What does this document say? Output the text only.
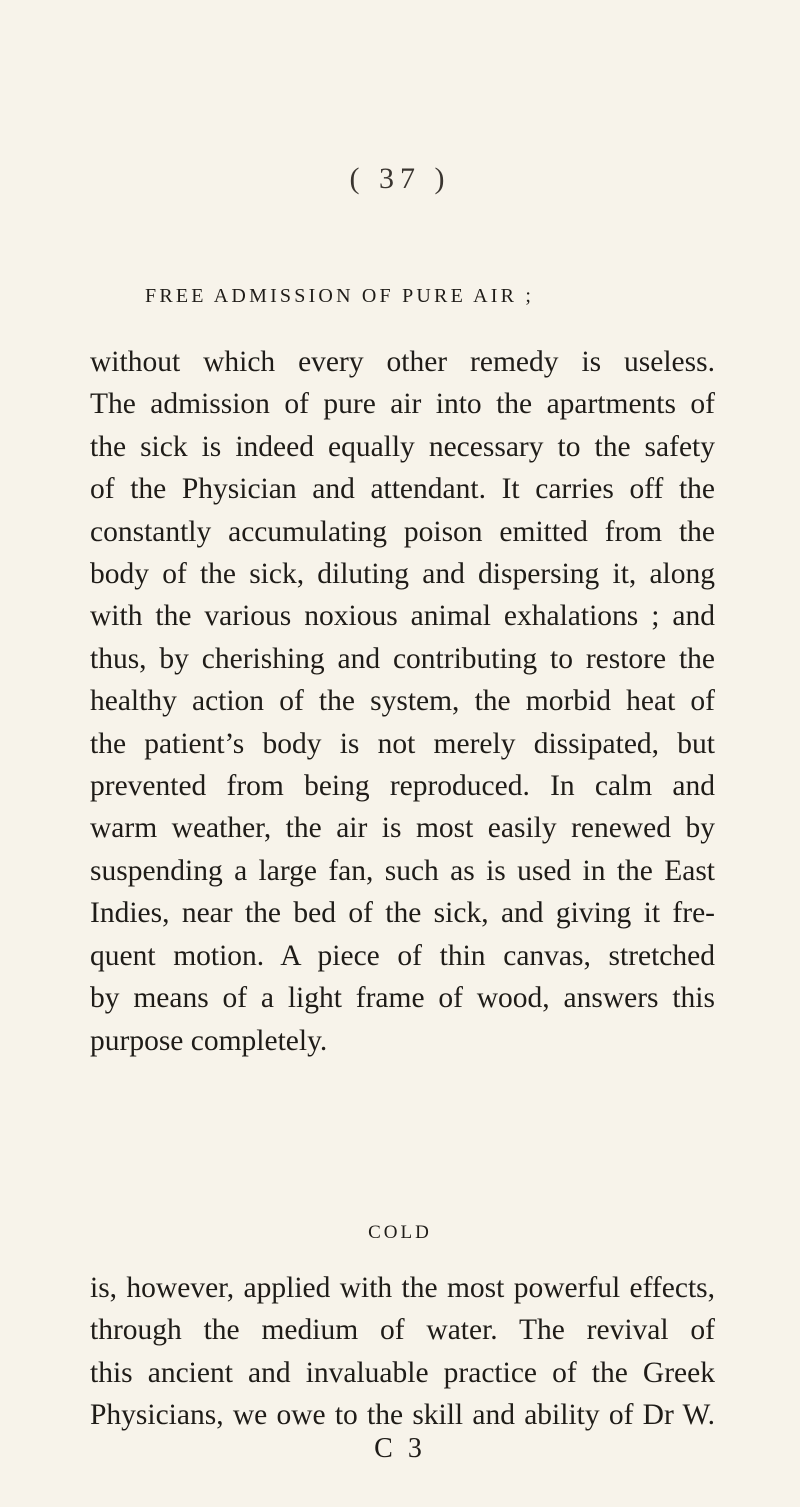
( 37 )
FREE ADMISSION OF PURE AIR ;
without which every other remedy is useless.
The admission of pure air into the apartments of
the sick is indeed equally necessary to the safety
of the Physician and attendant. It carries off the
constantly accumulating poison emitted from the
body of the sick, diluting and dispersing it, along
with the various noxious animal exhalations ; and
thus, by cherishing and contributing to restore the
healthy action of the system, the morbid heat of
the patient’s body is not merely dissipated, but
prevented from being reproduced. In calm and
warm weather, the air is most easily renewed by
suspending a large fan, such as is used in the East
Indies, near the bed of the sick, and giving it fre-
quent motion. A piece of thin canvas, stretched
by means of a light frame of wood, answers this
purpose completely.
COLD
is, however, applied with the most powerful effects,
through the medium of water. The revival of
this ancient and invaluable practice of the Greek
Physicians, we owe to the skill and ability of Dr W.
C 3
